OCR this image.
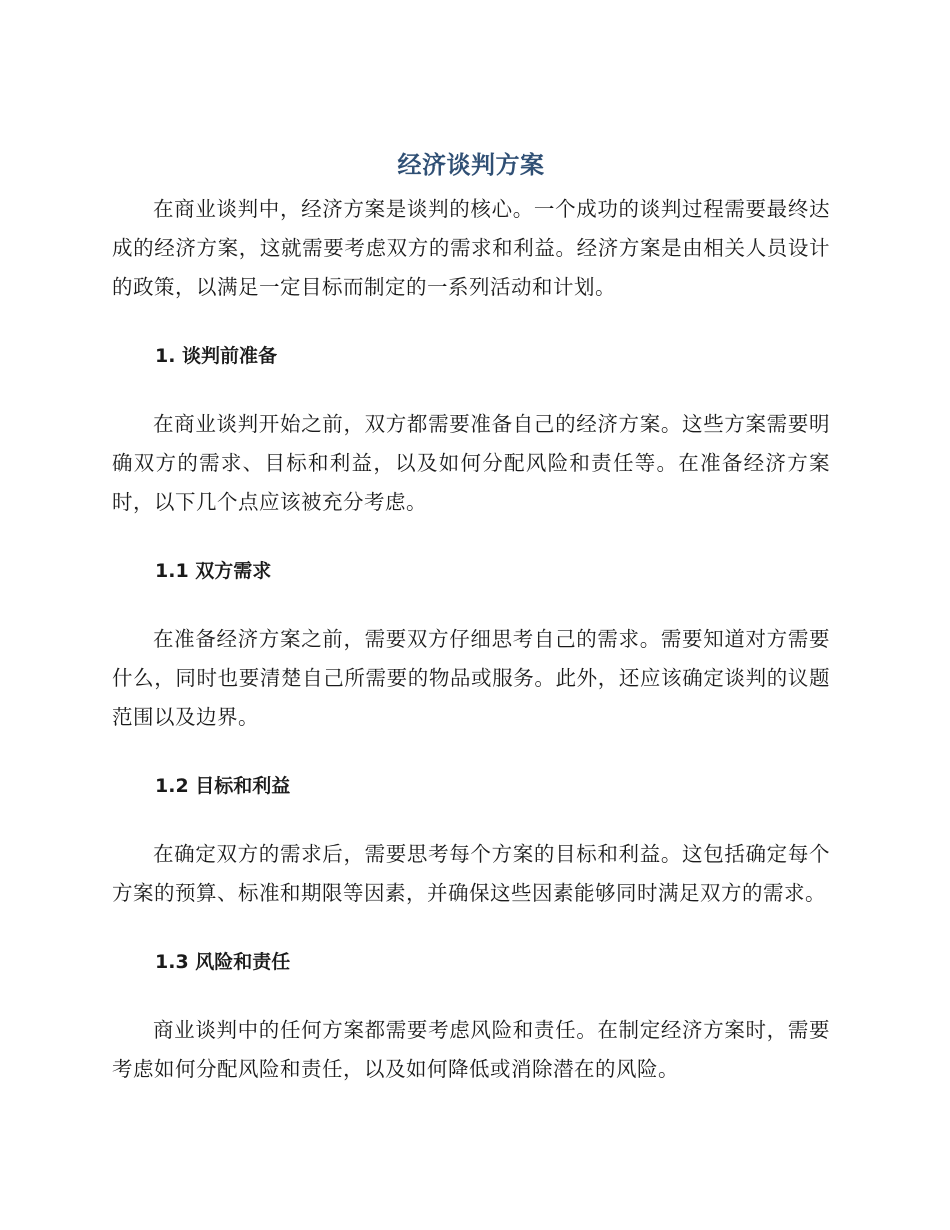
经济谈判方案

在商业谈判中，经济方案是谈判的核心。一个成功的谈判过程需要最终达成的经济方案，这就需要考虑双方的需求和利益。经济方案是由相关人员设计的政策，以满足一定目标而制定的一系列活动和计划。

1. 谈判前准备

在商业谈判开始之前，双方都需要准备自己的经济方案。这些方案需要明确双方的需求、目标和利益，以及如何分配风险和责任等。在准备经济方案时，以下几个点应该被充分考虑。

1.1 双方需求

在准备经济方案之前，需要双方仔细思考自己的需求。需要知道对方需要什么，同时也要清楚自己所需要的物品或服务。此外，还应该确定谈判的议题范围以及边界。

1.2 目标和利益

在确定双方的需求后，需要思考每个方案的目标和利益。这包括确定每个方案的预算、标准和期限等因素，并确保这些因素能够同时满足双方的需求。

1.3 风险和责任

商业谈判中的任何方案都需要考虑风险和责任。在制定经济方案时，需要考虑如何分配风险和责任，以及如何降低或消除潜在的风险。
